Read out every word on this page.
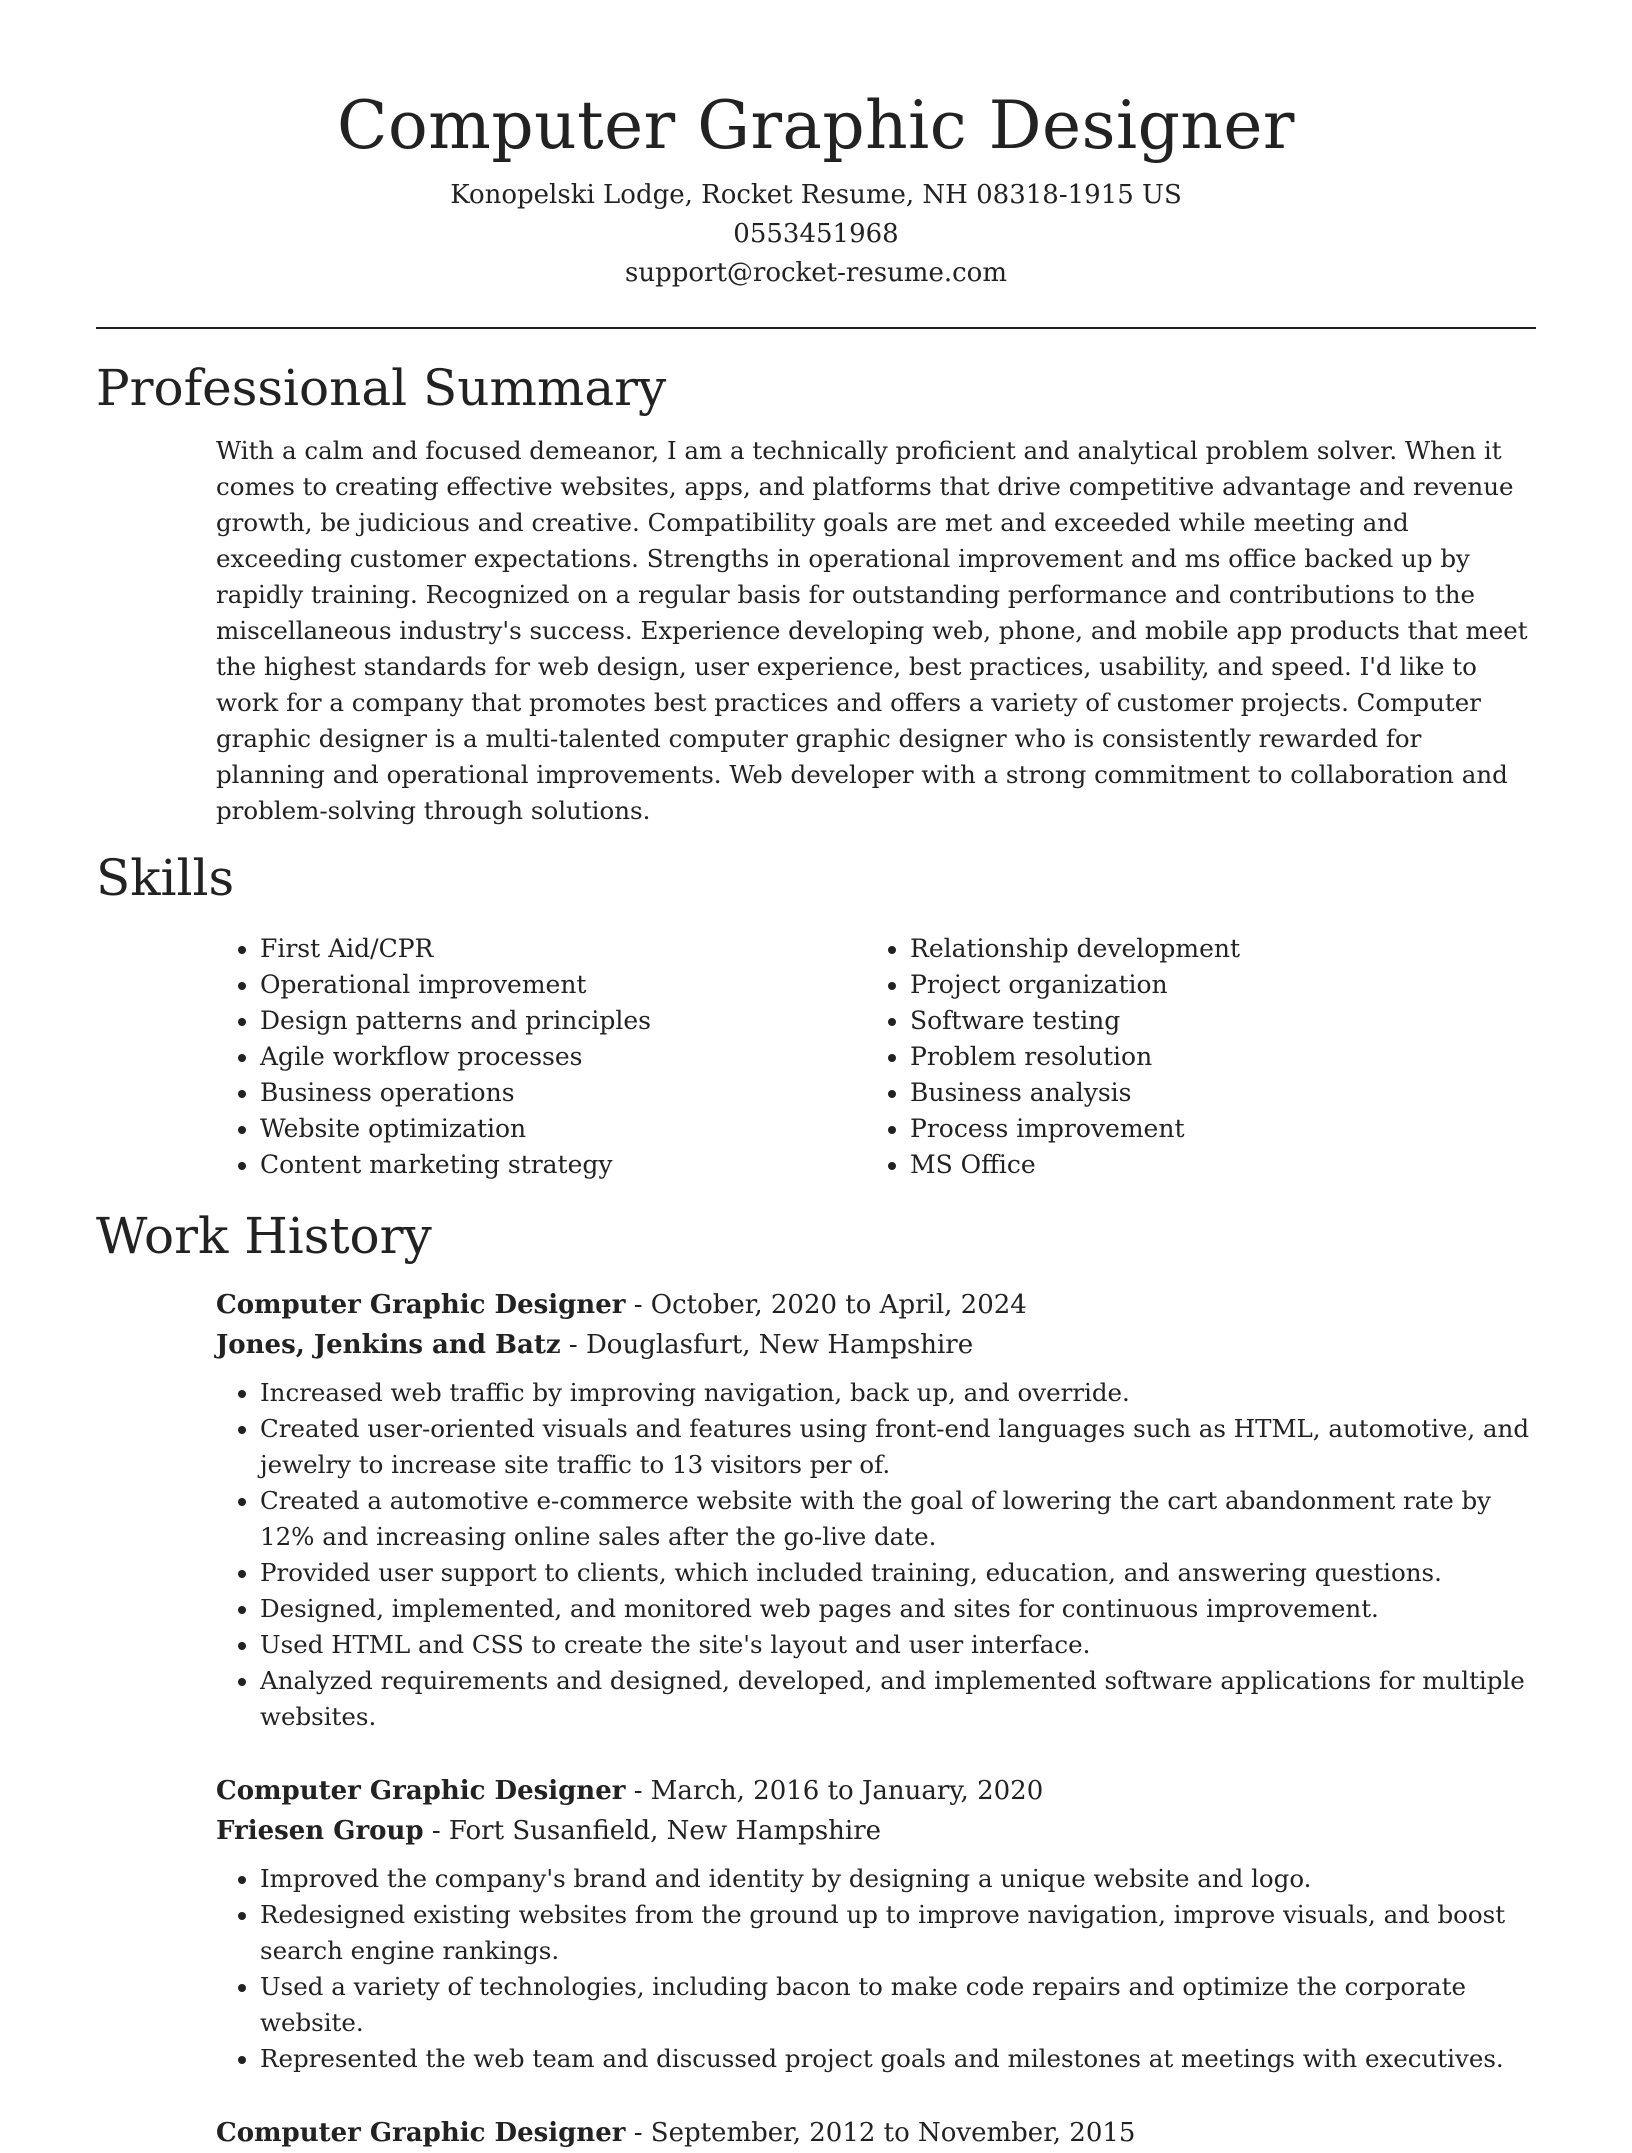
Computer Graphic Designer
Konopelski Lodge, Rocket Resume, NH 08318-1915 US
0553451968
support@rocket-resume.com
Professional Summary

With a calm and focused demeanor, I am a technically proficient and analytical problem solver. When it comes to creating effective websites, apps, and platforms that drive competitive advantage and revenue growth, be judicious and creative. Compatibility goals are met and exceeded while meeting and exceeding customer expectations. Strengths in operational improvement and ms office backed up by rapidly training. Recognized on a regular basis for outstanding performance and contributions to the miscellaneous industry's success. Experience developing web, phone, and mobile app products that meet the highest standards for web design, user experience, best practices, usability, and speed. I'd like to work for a company that promotes best practices and offers a variety of customer projects. Computer graphic designer is a multi-talented computer graphic designer who is consistently rewarded for planning and operational improvements. Web developer with a strong commitment to collaboration and problem-solving through solutions.

Skills
• First Aid/CPR
• Operational improvement
• Design patterns and principles
• Agile workflow processes
• Business operations
• Website optimization
• Content marketing strategy
• Relationship development
• Project organization
• Software testing
• Problem resolution
• Business analysis
• Process improvement
• MS Office
Work History
Computer Graphic Designer - October, 2020 to April, 2024
Jones, Jenkins and Batz - Douglasfurt, New Hampshire
• Increased web traffic by improving navigation, back up, and override.
• Created user-oriented visuals and features using front-end languages such as HTML, automotive, and jewelry to increase site traffic to 13 visitors per of.
• Created a automotive e-commerce website with the goal of lowering the cart abandonment rate by 12% and increasing online sales after the go-live date.
• Provided user support to clients, which included training, education, and answering questions.
• Designed, implemented, and monitored web pages and sites for continuous improvement.
• Used HTML and CSS to create the site's layout and user interface.
• Analyzed requirements and designed, developed, and implemented software applications for multiple websites.
Computer Graphic Designer - March, 2016 to January, 2020
Friesen Group - Fort Susanfield, New Hampshire
• Improved the company's brand and identity by designing a unique website and logo.
• Redesigned existing websites from the ground up to improve navigation, improve visuals, and boost search engine rankings.
• Used a variety of technologies, including bacon to make code repairs and optimize the corporate website.
• Represented the web team and discussed project goals and milestones at meetings with executives.
Computer Graphic Designer - September, 2012 to November, 2015
